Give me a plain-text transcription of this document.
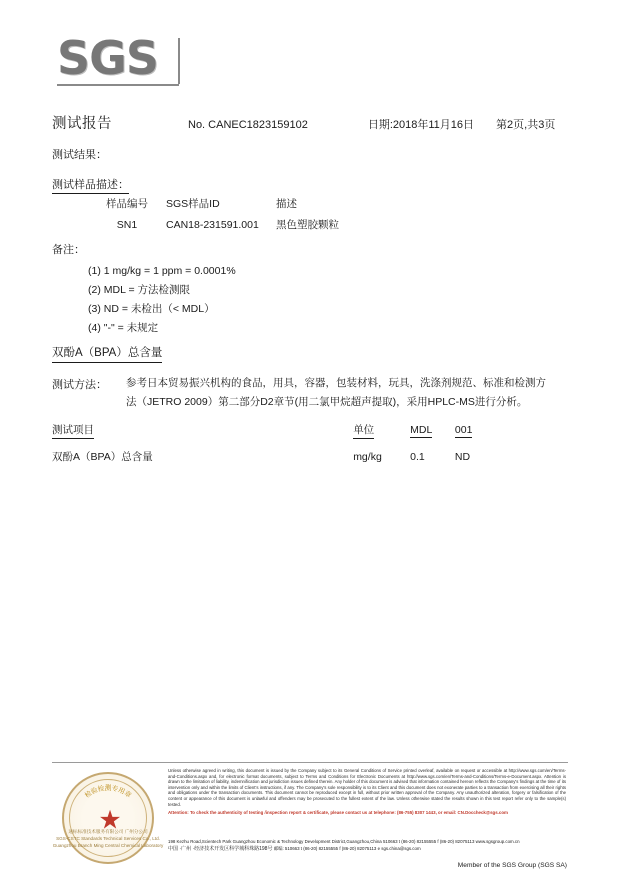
SGS
测试报告	No. CANEC1823159102	日期:2018年11月16日 第2页,共3页
测试结果：
测试样品描述：
样品编号	SGS样品ID	描述
SN1	CAN18-231591.001	黑色塑胶颗粒
备注：
(1) 1 mg/kg = 1 ppm = 0.0001%
(2) MDL = 方法检测限
(3) ND = 未检出（< MDL）
(4) "-" = 未规定
双酚A（BPA）总含量
测试方法： 参考日本贸易振兴机构的食品，用具，容器，包装材料，玩具，洗涤剂规范、标准和检测方
法（JETRO 2009）第二部分D2章节(用二氯甲烷超声提取)，采用HPLC-MS进行分析。
测试项目	单位	MDL	001
双酚A（BPA）总含量	mg/kg	0.1	ND
检验检测专用章
★
通标标准技术服务有限公司 广州分公司
SGS-CSTC Standards Technical Services Co., Ltd.
Guangzhou Branch Ming Central Chemical Laboratory
Unless otherwise agreed in writing, this document is issued by the Company subject to its General Conditions of Service printed overleaf, available on request or accessible at http://www.sgs.com/en/Terms-and-Conditions.aspx and, for electronic format documents, subject to Terms and Conditions for Electronic Documents at http://www.sgs.com/en/Terms-and-Conditions/Terms-e-Document.aspx. Attention is drawn to the limitation of liability, indemnification and jurisdiction issues defined therein. Any holder of this document is advised that information contained hereon reflects the Company's findings at the time of its intervention only and within the limits of Client's instructions, if any. The Company's sole responsibility is to its Client and this document does not exonerate parties to a transaction from exercising all their rights and obligations under the transaction documents. This document cannot be reproduced except in full, without prior written approval of the Company. Any unauthorized alteration, forgery or falsification of the content or appearance of this document is unlawful and offenders may be prosecuted to the fullest extent of the law. Unless otherwise stated the results shown in this test report refer only to the sample(s) tested.
Attention: To check the authenticity of testing /inspection report & certificate, please contact us at telephone: (86-755) 8307 1443, or email: CN.Doccheck@sgs.com
198 Kezhu Road,Scientech Park Guangzhou Economic & Technology Development District,Guangzhou,China 510663 t (86-20) 82155555 f (86-20) 82075113 www.sgsgroup.com.cn
中国 ·广州 ·经济技术开发区科学城科珠路198号 邮编: 510663 t (86-20) 82155555 f (86-20) 82075113 e sgs.china@sgs.com
Member of the SGS Group (SGS SA)
